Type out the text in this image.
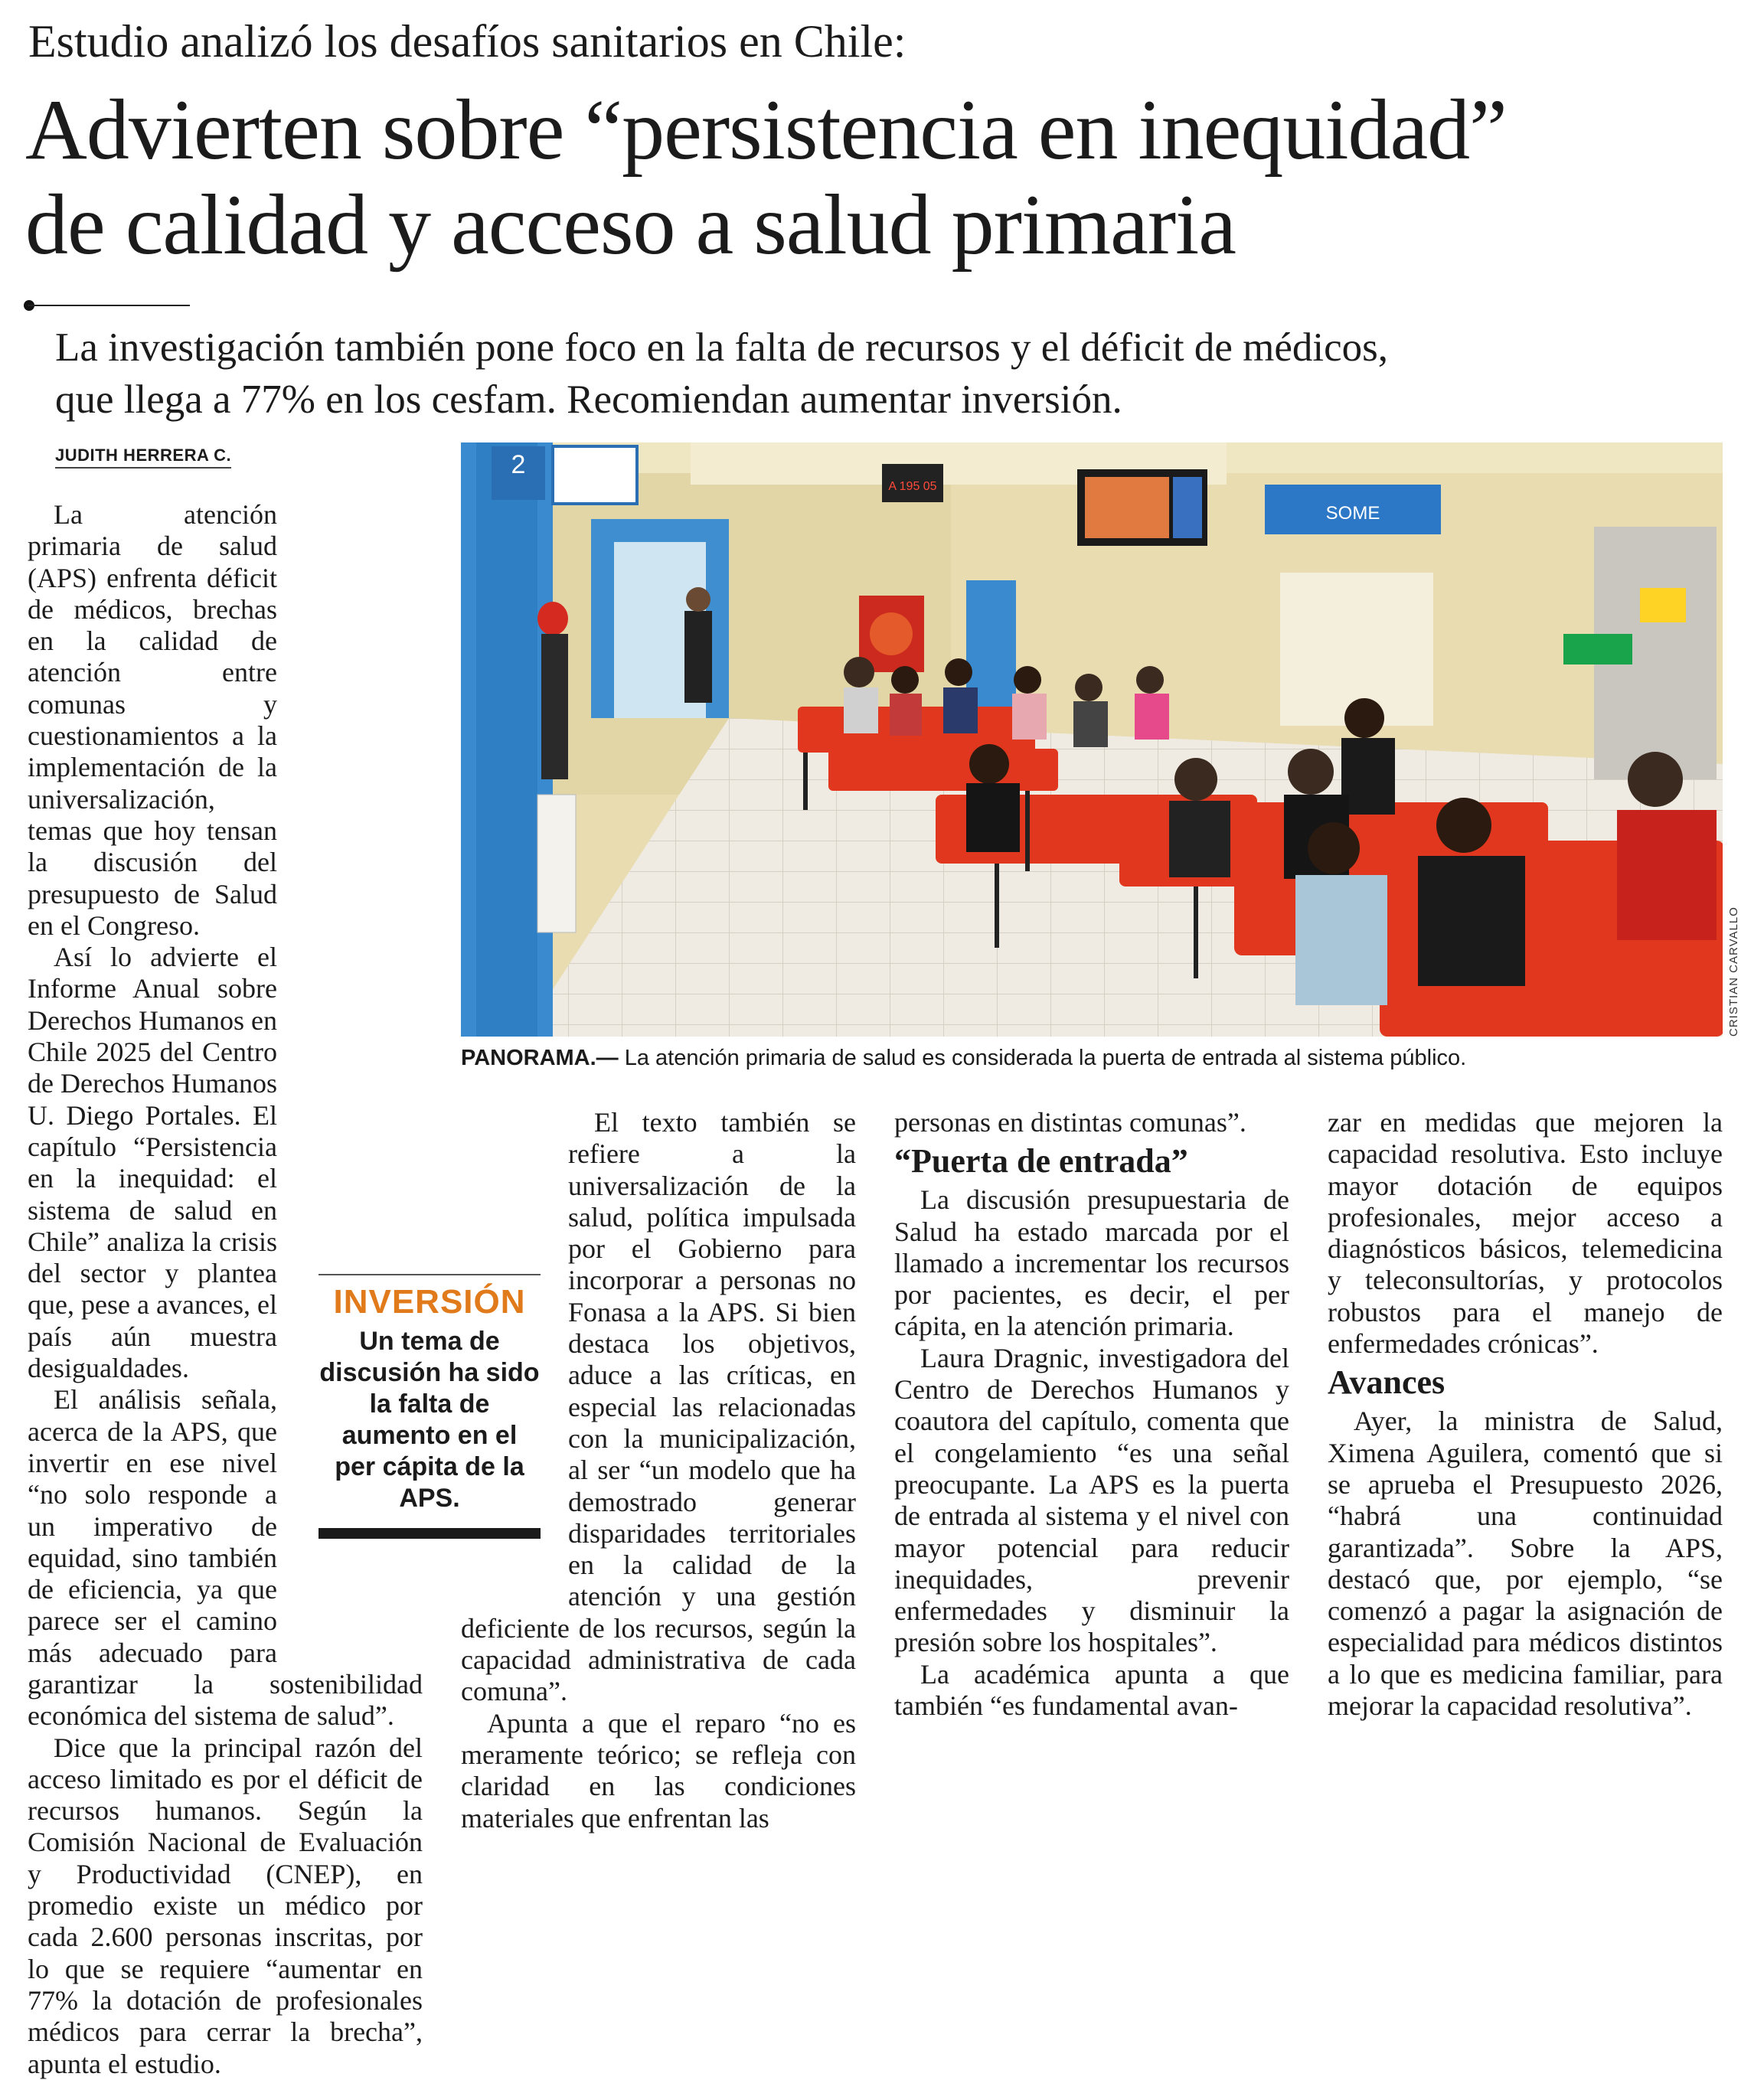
Estudio analizó los desafíos sanitarios en Chile:
Advierten sobre “persistencia en inequidad”
de calidad y acceso a salud primaria
La investigación también pone foco en la falta de recursos y el déficit de médicos,
que llega a 77% en los cesfam. Recomiendan aumentar inversión.
JUDITH HERRERA C.

La atención primaria de salud (APS) enfrenta déficit de médicos, brechas en la calidad de atención entre comunas y cuestionamientos a la implementación de la universalización, temas que hoy tensan la discusión del presupuesto de Salud en el Congreso.

Así lo advierte el Informe Anual sobre Derechos Humanos en Chile 2025 del Centro de Derechos Humanos U. Diego Portales. El capítulo “Persistencia en la inequidad: el sistema de salud en Chile” analiza la crisis del sector y plantea que, pese a avances, el país aún muestra desigualdades.

El análisis señala, acerca de la APS, que invertir en ese nivel “no solo responde a un imperativo de equidad, sino también de eficiencia, ya que parece ser el camino más adecuado para garantizar la sostenibilidad económica del sistema de salud”.

Dice que la principal razón del acceso limitado es por el déficit de recursos humanos. Según la Comisión Nacional de Evaluación y Productividad (CNEP), en promedio existe un médico por cada 2.600 personas inscritas, por lo que se requiere “aumentar en 77% la dotación de profesionales médicos para cerrar la brecha”, apunta el estudio.

2
A 195 05
SOME
CRISTIAN CARVALLO
PANORAMA.— La atención primaria de salud es considerada la puerta de entrada al sistema público.
INVERSIÓN
Un tema de discusión ha sido la falta de aumento en el per cápita de la APS.

El texto también se refiere a la universalización de la salud, política impulsada por el Gobierno para incorporar a personas no Fonasa a la APS. Si bien destaca los objetivos, aduce a las críticas, en especial las relacionadas con la municipalización, al ser “un modelo que ha demostrado generar disparidades territoriales en la calidad de la atención y una gestión deficiente de los recursos, según la capacidad administrativa de cada comuna”.

Apunta a que el reparo “no es meramente teórico; se refleja con claridad en las condiciones materiales que enfrentan las

personas en distintas comunas”.

“Puerta de entrada”

La discusión presupuestaria de Salud ha estado marcada por el llamado a incrementar los recursos por pacientes, es decir, el per cápita, en la atención primaria.

Laura Dragnic, investigadora del Centro de Derechos Humanos y coautora del capítulo, comenta que el congelamiento “es una señal preocupante. La APS es la puerta de entrada al sistema y el nivel con mayor potencial para reducir inequidades, prevenir enfermedades y disminuir la presión sobre los hospitales”.

La académica apunta a que también “es fundamental avan-

zar en medidas que mejoren la capacidad resolutiva. Esto incluye mayor dotación de equipos profesionales, mejor acceso a diagnósticos básicos, telemedicina y teleconsultorías, y protocolos robustos para el manejo de enfermedades crónicas”.

Avances

Ayer, la ministra de Salud, Ximena Aguilera, comentó que si se aprueba el Presupuesto 2026, “habrá una continuidad garantizada”. Sobre la APS, destacó que, por ejemplo, “se comenzó a pagar la asignación de especialidad para médicos distintos a lo que es medicina familiar, para mejorar la capacidad resolutiva”.
